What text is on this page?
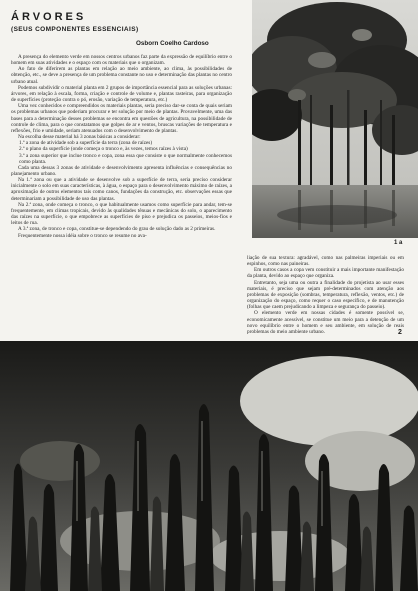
ÁRVORES
(SEUS COMPONENTES ESSENCIAIS)
Osborn Coelho Cardoso

A presença do elemento verde em nossos centros urbanos faz parte da expressão de equilíbrio entre o homem em suas atividades e o espaço com os materiais que o organizam.

Ao fato de diferirem as plantas em relação ao meio ambiente, ao clima, às possibilidades de obtenção, etc., se deve a presença de um problema constante no uso e determinação das plantas no centro urbano atual.

Podemos subdividir o material planta em 2 grupos de importância essencial para as soluções urbanas: árvores, em relação à escala, forma, criação e controle de volume e, plantas rasteiras, para organização de superfícies (proteção contra o pó, erosão, variação de temperatura, etc.)

Uma vez conhecidos e compreendidos os materiais plantas, seria preciso dar-se conta de quais seriam os problemas urbanos que poderiam procurar e ter solução por meio de plantas. Provavelmente, uma das bases para a determinação desses problemas se encontra em questões de agricultura, na possibilidade de controle de clima, para o que constatamos que golpes de ar e ventos, bruscas variações de temperatura e reflexões, frio e umidade, seriam atenuados com o desenvolvimento de plantas.

Na escolha desse material há 3 zonas básicas a considerar:

1.ª a zona de atividade sob a superfície da terra (zona de raízes)

2.ª o plano da superfície (onde começa o tronco e, às vezes, temos raízes à vista)

3.ª a zona superior que inclue tronco e copa, zona essa que consiste o que normalmente conhecemos como planta.

Cada uma dessas 3 zonas de atividade e desenvolvimento apresenta influências e consequências no planejamento urbano.

Na 1.ª zona ou que a atividade se desenvolve sob a superfície de terra, seria preciso considerar inicialmente o solo em suas características, à água, o espaço para o desenvolvimento máximo de raízes, a aproximação de outros elementos tais como canos, fundações da construção, etc. observações essas que determinariam a possibilidade de uso das plantas.

Na 2.ª zona, onde começa o tronco, o que habitualmente usamos como superfície para andar, tem-se frequentemente, em climas tropicais, devido às qualidades tênuas e mecânicas do solo, o aparecimento das raízes na superfície, o que empobrece as superfícies de piso e prejudica os passeios, meios-fios e leitos de rua.

A 3.ª zona, de tronco e copa, constitue-se dependendo do grau de solução dado as 2 primeiras.

Frequentemente nossa idéia sobre o tronco se resume no ava-

liação de sua textura: agradável, como nas palmeiras imperiais ou em espinhos, como nas paineiras.

Em outros casos a copa vem constituir a mais importante manifestação da planta, devido ao espaço que organiza.

Entretanto, seja uma ou outra a finalidade do projetista ao usar esses materiais, é preciso que sejam pré-determinados com atenção aos problemas de exposição (sombras, temperatura, reflexão, ventos, etc.) de organização do espaço, como requer o caso específico, e de manutenção (folhas que caem prejudicando a limpeza e segurança do passeio).

O elemento verde em nossas cidades é somente possível se, economicamente acessível, se constitue um meio para a detenção de um novo equilíbrio entre o homem e seu ambiente, em solução de reais problemas do meio ambiente urbano.

1 a
2
